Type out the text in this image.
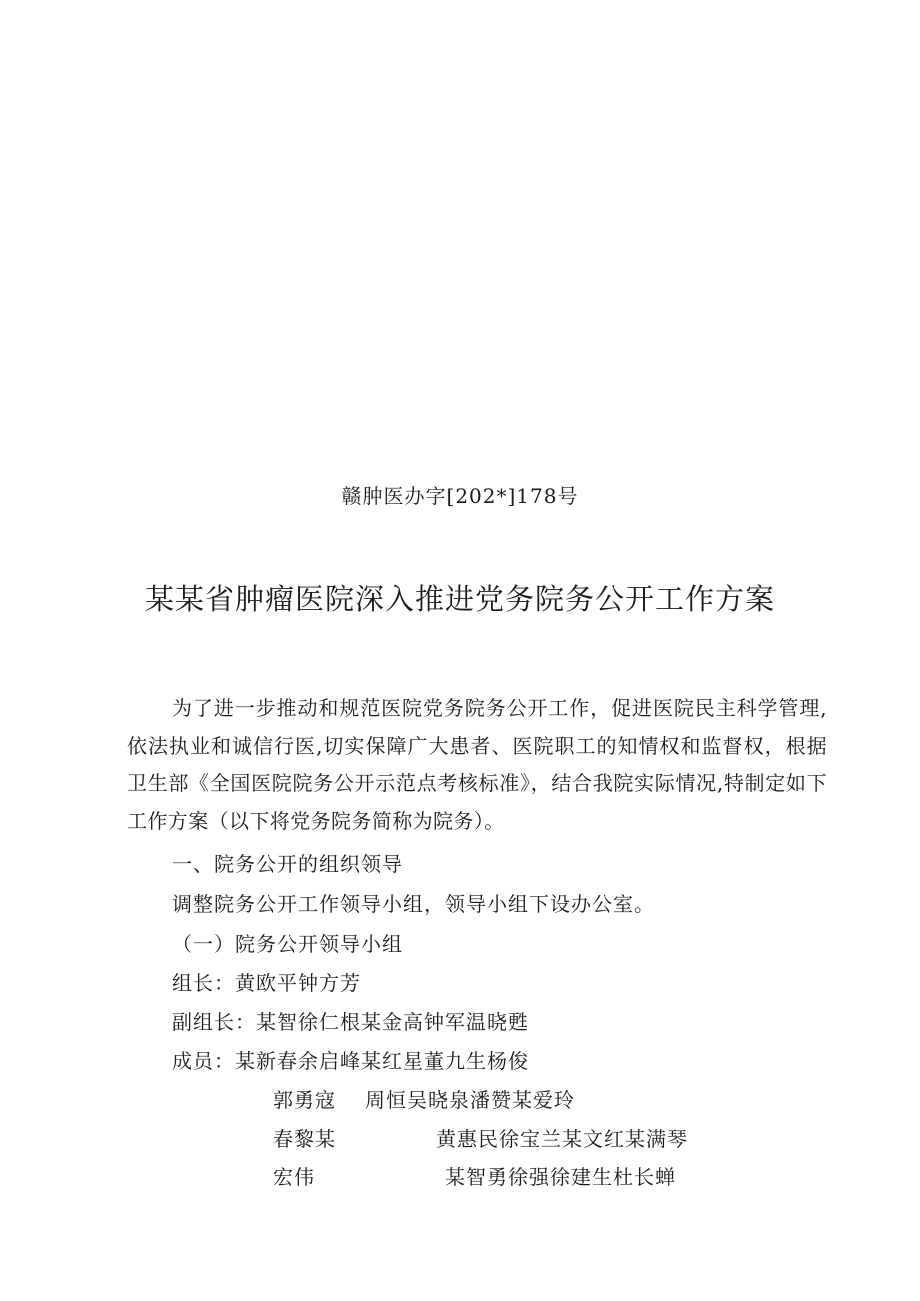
赣肿医办字[202*]178号
某某省肿瘤医院深入推进党务院务公开工作方案
为了进一步推动和规范医院党务院务公开工作，促进医院民主科学管理,依法执业和诚信行医,切实保障广大患者、医院职工的知情权和监督权，根据卫生部《全国医院院务公开示范点考核标准》，结合我院实际情况,特制定如下工作方案（以下将党务院务简称为院务）。
一、院务公开的组织领导
调整院务公开工作领导小组，领导小组下设办公室。
（一）院务公开领导小组
组长：黄欧平钟方芳
副组长：某智徐仁根某金高钟军温晓甦
成员：某新春余启峰某红星董九生杨俊
郭勇寇 周恒吴晓泉潘赞某爱玲
春黎某	黄惠民徐宝兰某文红某满琴
宏伟	某智勇徐强徐建生杜长蝉
